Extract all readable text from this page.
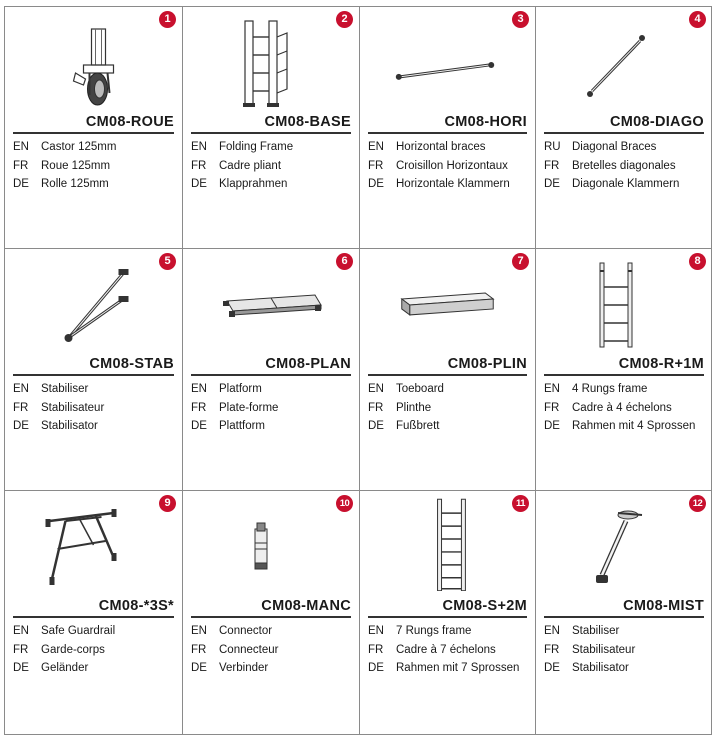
1
CM08-ROUE
EN	Castor 125mm
FR	Roue 125mm
DE	Rolle 125mm
2
CM08-BASE
EN	Folding Frame
FR	Cadre pliant
DE	Klapprahmen
3
CM08-HORI
EN	Horizontal braces
FR	Croisillon Horizontaux
DE	Horizontale Klammern
4
CM08-DIAGO
RU Diagonal Braces
FR	Bretelles diagonales
DE	Diagonale Klammern
5
CM08-STAB
EN	Stabiliser
FR	Stabilisateur
DE	Stabilisator
6
CM08-PLAN
EN	Platform
FR	Plate-forme
DE	Plattform
7
CM08-PLIN
EN	Toeboard
FR	Plinthe
DE	Fußbrett
8
CM08-R+1M
EN	4 Rungs frame
FR	Cadre à 4 échelons
DE	Rahmen mit 4 Sprossen
9
CM08-*3S*
EN	Safe Guardrail
FR	Garde-corps
DE	Geländer
10
CM08-MANC
EN	Connector
FR	Connecteur
DE	Verbinder
11
CM08-S+2M
EN	7 Rungs frame
FR	Cadre à 7 échelons
DE	Rahmen mit 7 Sprossen
12
CM08-MIST
EN	Stabiliser
FR	Stabilisateur
DE	Stabilisator
